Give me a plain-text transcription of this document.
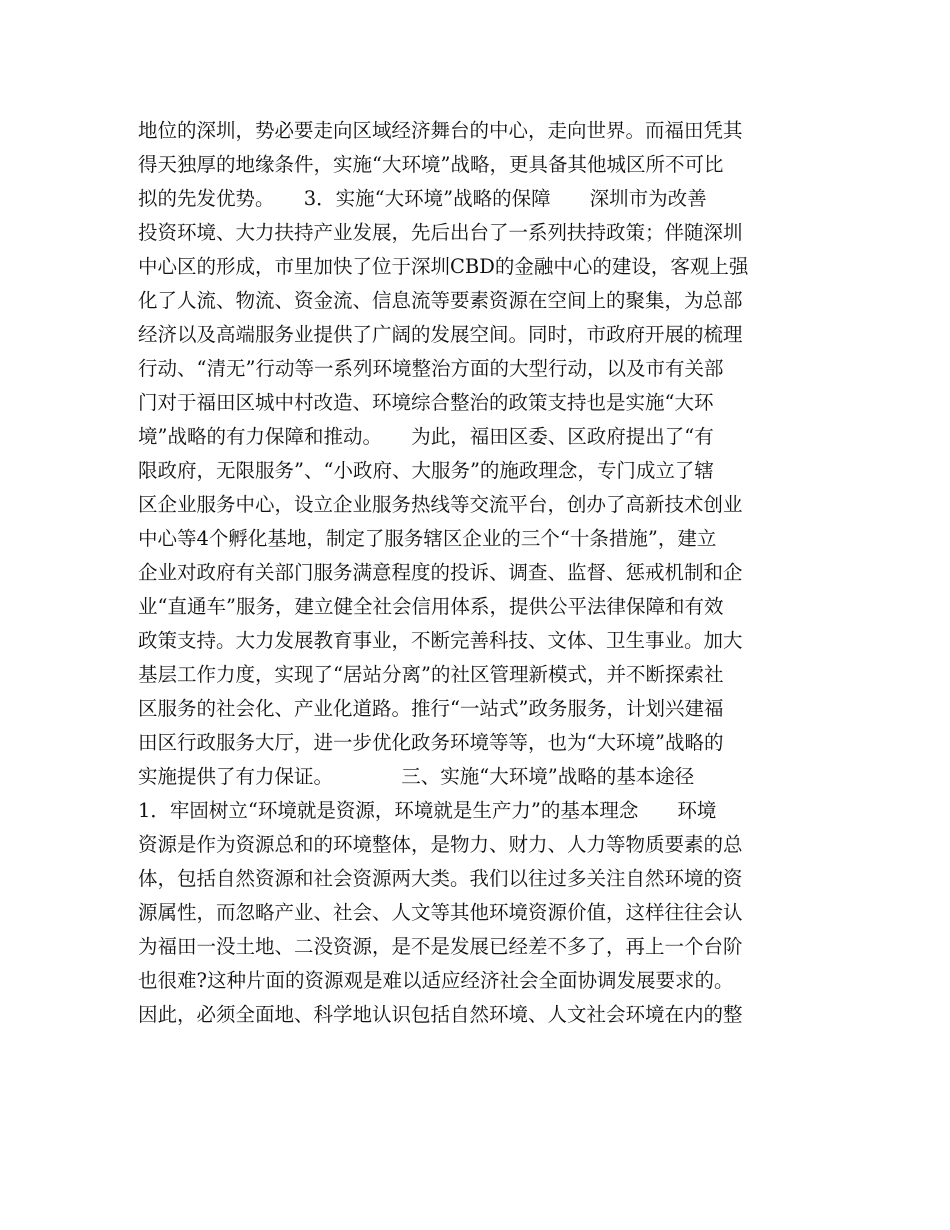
地位的深圳，势必要走向区域经济舞台的中心，走向世界。而福田凭其
得天独厚的地缘条件，实施“大环境”战略，更具备其他城区所不可比
拟的先发优势。　　3．实施“大环境”战略的保障　　深圳市为改善
投资环境、大力扶持产业发展，先后出台了一系列扶持政策；伴随深圳
中心区的形成，市里加快了位于深圳CBD的金融中心的建设，客观上强
化了人流、物流、资金流、信息流等要素资源在空间上的聚集，为总部
经济以及高端服务业提供了广阔的发展空间。同时，市政府开展的梳理
行动、“清无”行动等一系列环境整治方面的大型行动，以及市有关部
门对于福田区城中村改造、环境综合整治的政策支持也是实施“大环
境”战略的有力保障和推动。　　为此，福田区委、区政府提出了“有
限政府，无限服务”、“小政府、大服务”的施政理念，专门成立了辖
区企业服务中心，设立企业服务热线等交流平台，创办了高新技术创业
中心等4个孵化基地，制定了服务辖区企业的三个“十条措施”，建立
企业对政府有关部门服务满意程度的投诉、调查、监督、惩戒机制和企
业“直通车”服务，建立健全社会信用体系，提供公平法律保障和有效
政策支持。大力发展教育事业，不断完善科技、文体、卫生事业。加大
基层工作力度，实现了“居站分离”的社区管理新模式，并不断探索社
区服务的社会化、产业化道路。推行“一站式”政务服务，计划兴建福
田区行政服务大厅，进一步优化政务环境等等，也为“大环境”战略的
实施提供了有力保证。　　　　三、实施“大环境”战略的基本途径
1．牢固树立“环境就是资源，环境就是生产力”的基本理念　　环境
资源是作为资源总和的环境整体，是物力、财力、人力等物质要素的总
体，包括自然资源和社会资源两大类。我们以往过多关注自然环境的资
源属性，而忽略产业、社会、人文等其他环境资源价值，这样往往会认
为福田一没土地、二没资源，是不是发展已经差不多了，再上一个台阶
也很难?这种片面的资源观是难以适应经济社会全面协调发展要求的。
因此，必须全面地、科学地认识包括自然环境、人文社会环境在内的整
